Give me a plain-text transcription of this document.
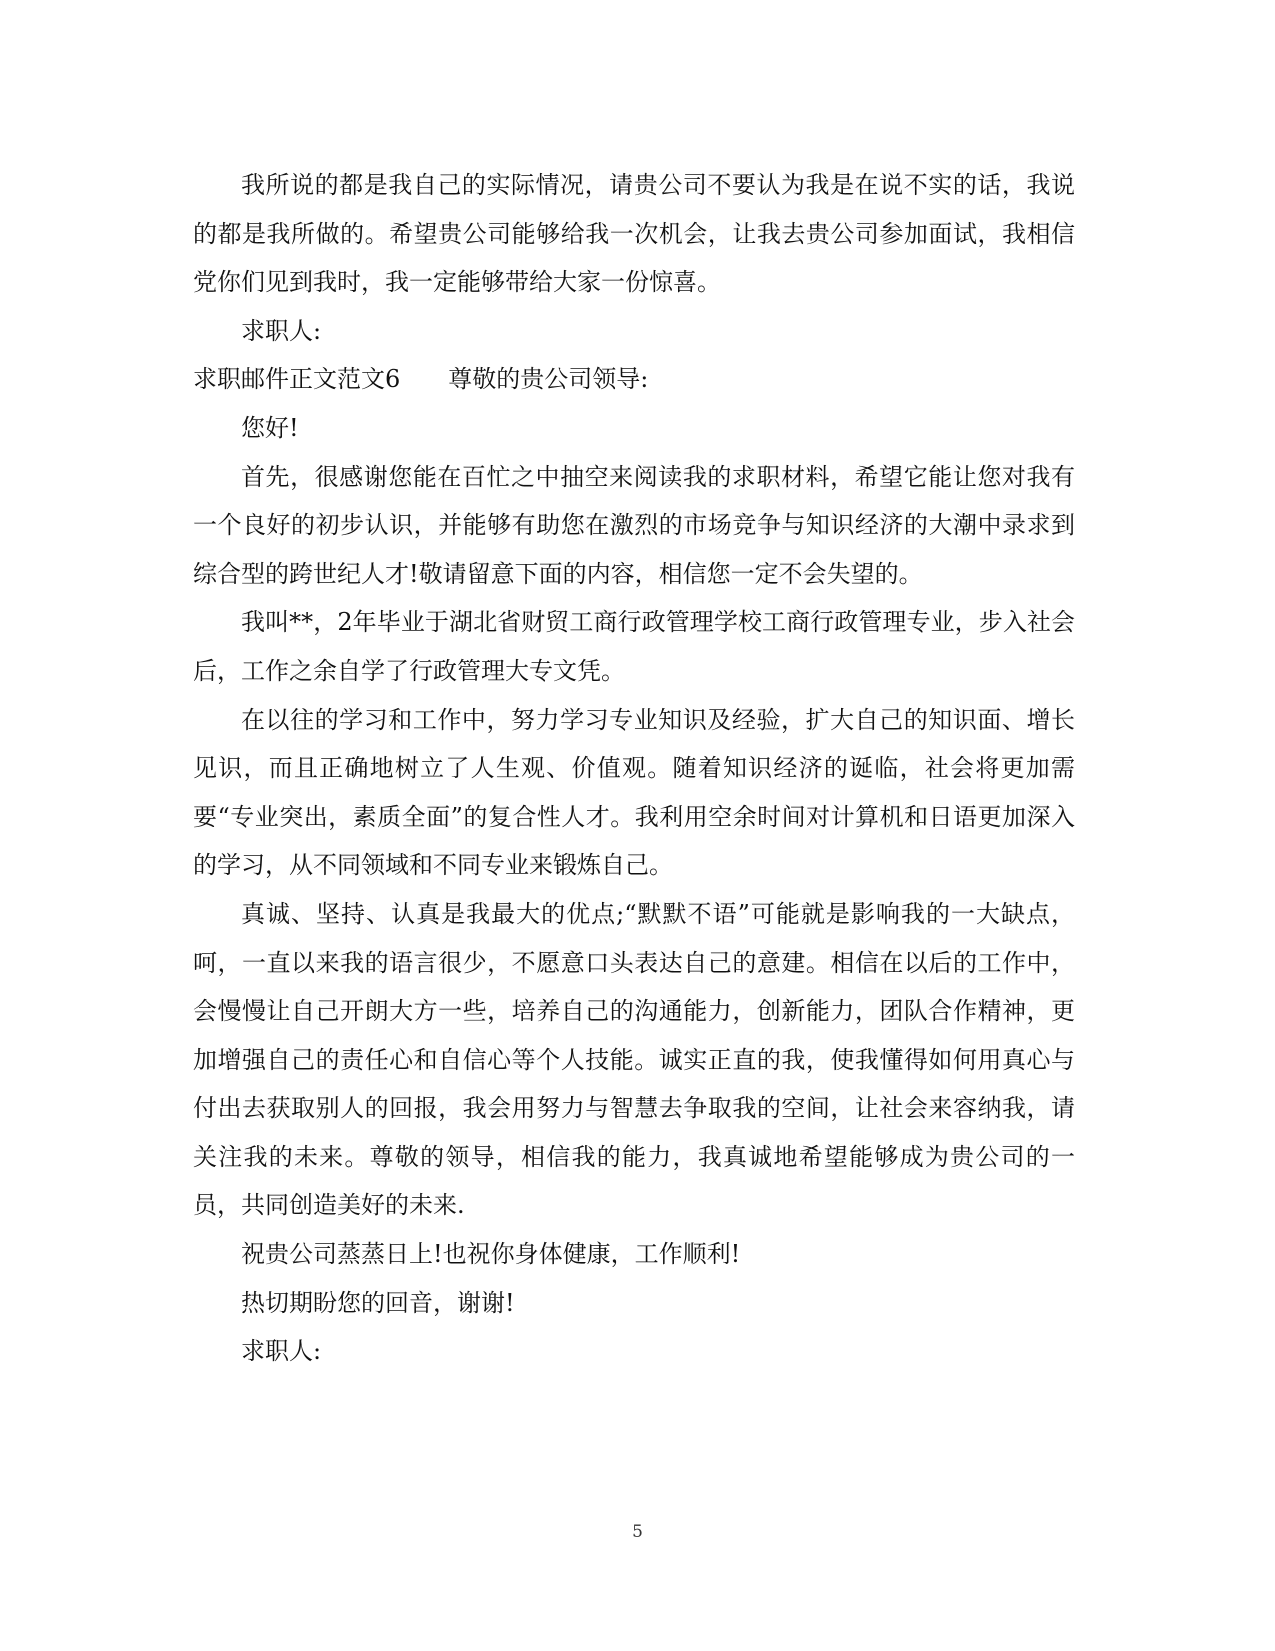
我所说的都是我自己的实际情况，请贵公司不要认为我是在说不实的话，我说的都是我所做的。希望贵公司能够给我一次机会，让我去贵公司参加面试，我相信党你们见到我时，我一定能够带给大家一份惊喜。

求职人:

求职邮件正文范文6　　尊敬的贵公司领导:

您好!

首先，很感谢您能在百忙之中抽空来阅读我的求职材料，希望它能让您对我有一个良好的初步认识，并能够有助您在激烈的市场竞争与知识经济的大潮中录求到综合型的跨世纪人才!敬请留意下面的内容，相信您一定不会失望的。

我叫**，2年毕业于湖北省财贸工商行政管理学校工商行政管理专业，步入社会后，工作之余自学了行政管理大专文凭。

在以往的学习和工作中，努力学习专业知识及经验，扩大自己的知识面、增长见识，而且正确地树立了人生观、价值观。随着知识经济的诞临，社会将更加需要“专业突出，素质全面”的复合性人才。我利用空余时间对计算机和日语更加深入的学习，从不同领域和不同专业来锻炼自己。

真诚、坚持、认真是我最大的优点;“默默不语”可能就是影响我的一大缺点，呵，一直以来我的语言很少，不愿意口头表达自己的意建。相信在以后的工作中，会慢慢让自己开朗大方一些，培养自己的沟通能力，创新能力，团队合作精神，更加增强自己的责任心和自信心等个人技能。诚实正直的我，使我懂得如何用真心与付出去获取别人的回报，我会用努力与智慧去争取我的空间，让社会来容纳我，请关注我的未来。尊敬的领导，相信我的能力，我真诚地希望能够成为贵公司的一员，共同创造美好的未来.

祝贵公司蒸蒸日上!也祝你身体健康，工作顺利!

热切期盼您的回音，谢谢!

求职人:

5
